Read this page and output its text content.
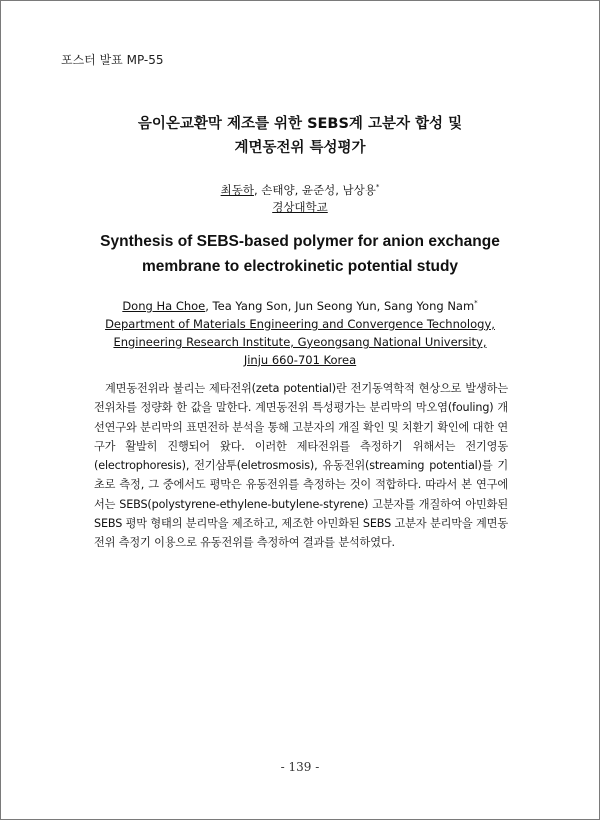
포스터 발표 MP-55
음이온교환막 제조를 위한 SEBS계 고분자 합성 및
계면동전위 특성평가
최동하, 손태양, 윤준성, 남상용*
경상대학교
Synthesis of SEBS-based polymer for anion exchange
membrane to electrokinetic potential study
Dong Ha Choe, Tea Yang Son, Jun Seong Yun, Sang Yong Nam*
Department of Materials Engineering and Convergence Technology,
Engineering Research Institute, Gyeongsang National University,
Jinju 660-701 Korea
계면동전위라 불리는 제타전위(zeta potential)란 전기동역학적 현상으로 발생하는 전위차를 정량화 한 값을 말한다. 계면동전위 특성평가는 분리막의 막오염(fouling) 개선연구와 분리막의 표면전하 분석을 통해 고분자의 개질 확인 및 치환기 확인에 대한 연구가 활발히 진행되어 왔다. 이러한 제타전위를 측정하기 위해서는 전기영동(electrophoresis), 전기삼투(eletrosmosis), 유동전위(streaming potential)를 기초로 측정, 그 중에서도 평막은 유동전위를 측정하는 것이 적합하다. 따라서 본 연구에서는 SEBS(polystyrene-ethylene-butylene-styrene) 고분자를 개질하여 아민화된 SEBS 평막 형태의 분리막을 제조하고, 제조한 아민화된 SEBS 고분자 분리막을 계면동전위 측정기 이용으로 유동전위를 측정하여 결과를 분석하였다.
- 139 -
